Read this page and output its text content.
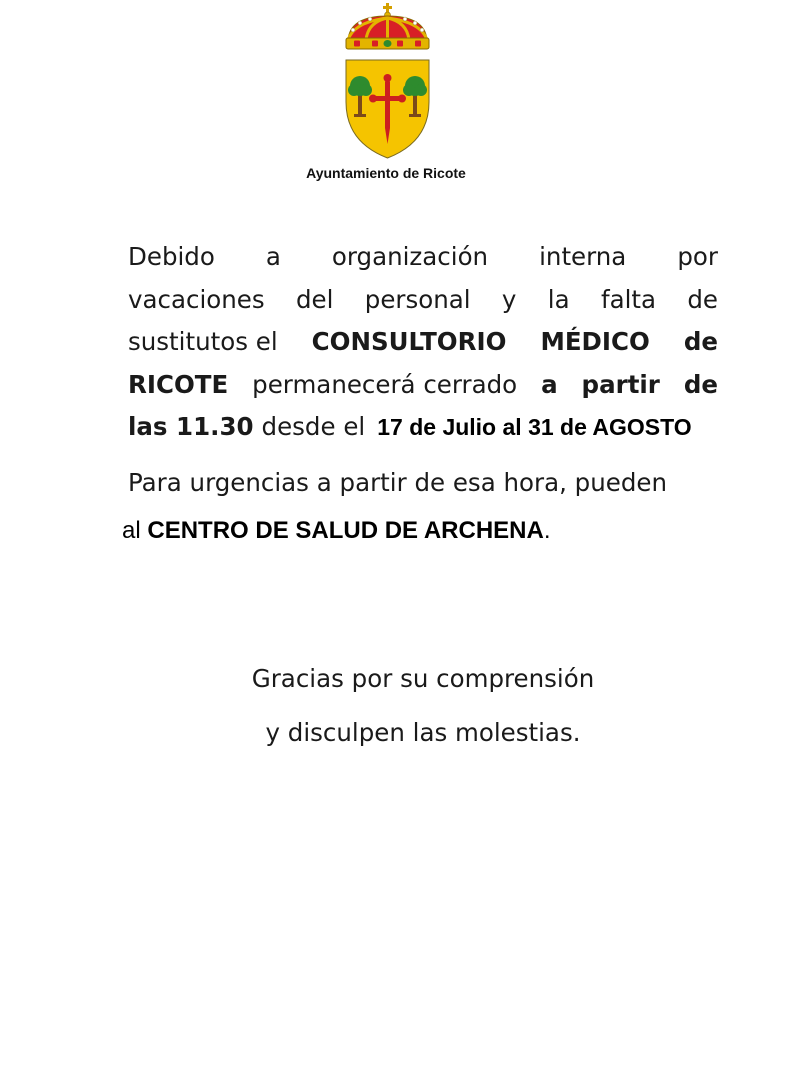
Ayuntamiento de Ricote
Debido a organización interna por
vacaciones del personal y la falta de
sustitutos el CONSULTORIO MÉDICO de
RICOTE permanecerá cerrado a partir de
las 11.30 desde el 17 de Julio al 31 de AGOSTO
Para urgencias a partir de esa hora, pueden
al CENTRO DE SALUD DE ARCHENA.
Gracias por su comprensión
y disculpen las molestias.
